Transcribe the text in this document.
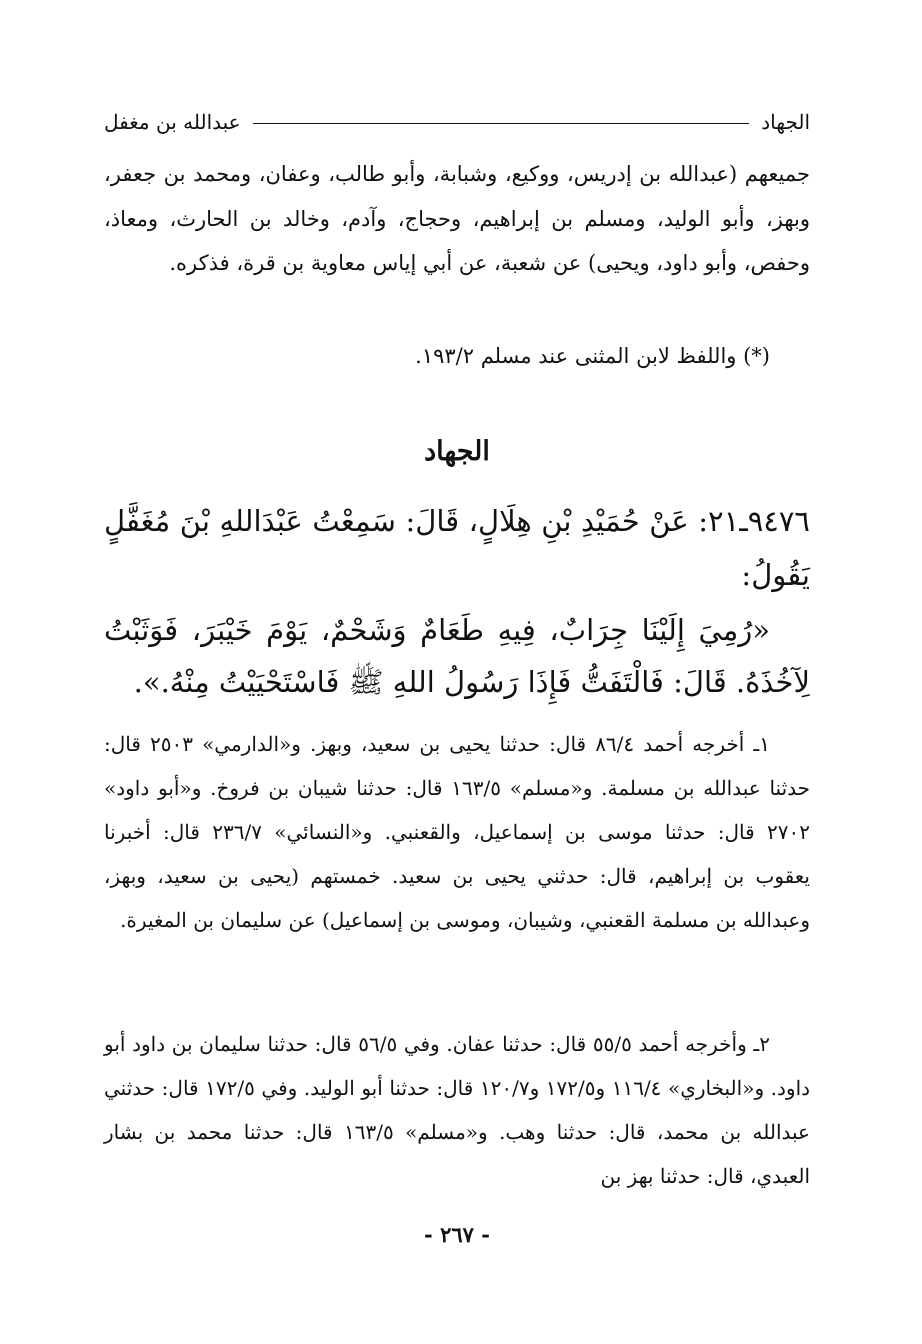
الجهاد
عبدالله بن مغفل
جميعهم (عبدالله بن إدريس، ووكيع، وشبابة، وأبو طالب، وعفان، ومحمد بن جعفر، وبهز، وأبو الوليد، ومسلم بن إبراهيم، وحجاج، وآدم، وخالد بن الحارث، ومعاذ، وحفص، وأبو داود، ويحيى) عن شعبة، عن أبي إياس معاوية بن قرة، فذكره.
(*) واللفظ لابن المثنى عند مسلم ١٩٣/٢.
الجهاد
٩٤٧٦ـ٢١: عَنْ حُمَيْدِ بْنِ هِلَالٍ، قَالَ: سَمِعْتُ عَبْدَاللهِ بْنَ مُغَفَّلٍ يَقُولُ:
«رُمِيَ إِلَيْنَا جِرَابٌ، فِيهِ طَعَامٌ وَشَحْمٌ، يَوْمَ خَيْبَرَ، فَوَثَبْتُ لِآخُذَهُ. قَالَ: فَالْتَفَتُّ فَإِذَا رَسُولُ اللهِ ﷺ فَاسْتَحْيَيْتُ مِنْهُ.».
١ـ أخرجه أحمد ٨٦/٤ قال: حدثنا يحيى بن سعيد، وبهز. و«الدارمي» ٢٥٠٣ قال: حدثنا عبدالله بن مسلمة. و«مسلم» ١٦٣/٥ قال: حدثنا شيبان بن فروخ. و«أبو داود» ٢٧٠٢ قال: حدثنا موسى بن إسماعيل، والقعنبي. و«النسائي» ٢٣٦/٧ قال: أخبرنا يعقوب بن إبراهيم، قال: حدثني يحيى بن سعيد. خمستهم (يحيى بن سعيد، وبهز، وعبدالله بن مسلمة القعنبي، وشيبان، وموسى بن إسماعيل) عن سليمان بن المغيرة.
٢ـ وأخرجه أحمد ٥٥/٥ قال: حدثنا عفان. وفي ٥٦/٥ قال: حدثنا سليمان بن داود أبو داود. و«البخاري» ١١٦/٤ و١٧٢/٥ و١٢٠/٧ قال: حدثنا أبو الوليد. وفي ١٧٢/٥ قال: حدثني عبدالله بن محمد، قال: حدثنا وهب. و«مسلم» ١٦٣/٥ قال: حدثنا محمد بن بشار العبدي، قال: حدثنا بهز بن
- ٢٦٧ -
